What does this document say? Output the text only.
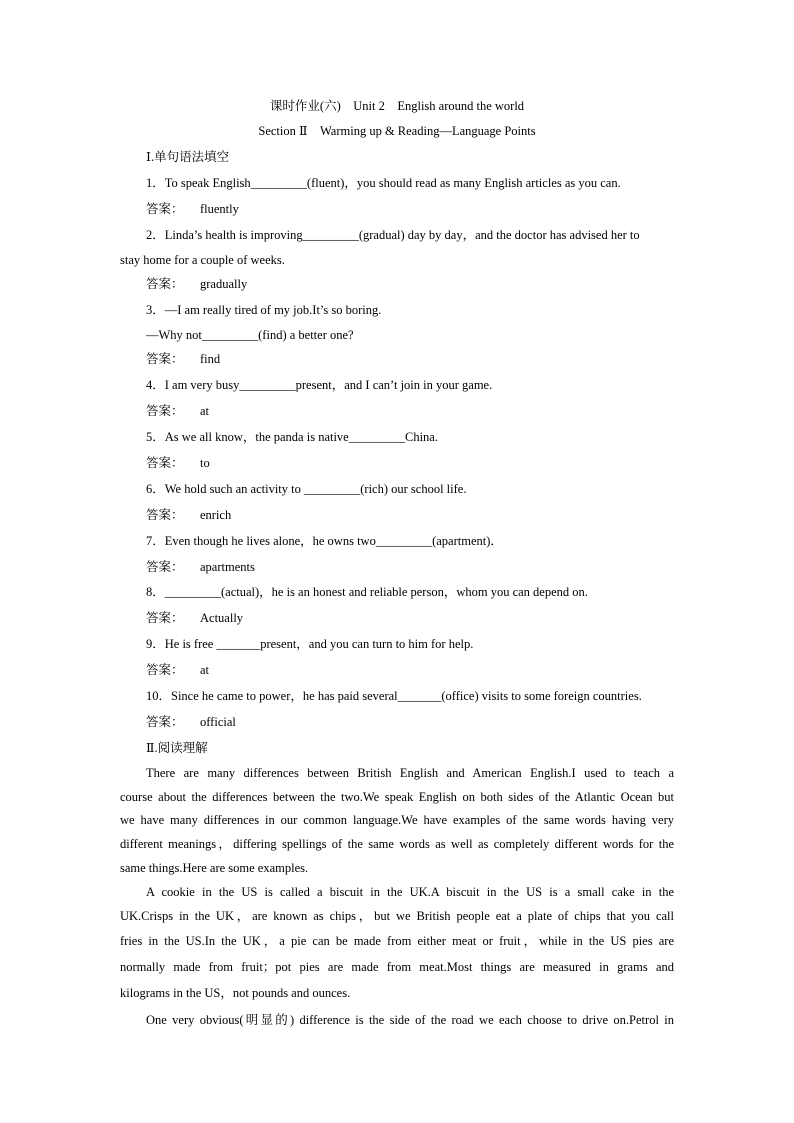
课时作业(六)　Unit 2　English around the world
Section Ⅱ　Warming up & Reading—Language Points
Ⅰ.单句语法填空
1．To speak English_________(fluent)，you should read as many English articles as you can.
答案： fluently
2．Linda’s health is improving_________(gradual) day by day，and the doctor has advised her to
stay home for a couple of weeks.
答案： gradually
3．—I am really tired of my job.It’s so boring.
—Why not_________(find) a better one?
答案： find
4．I am very busy_________present，and I can’t join in your game.
答案： at
5．As we all know，the panda is native_________China.
答案： to
6．We hold such an activity to _________(rich) our school life.
答案： enrich
7．Even though he lives alone，he owns two_________(apartment)．
答案： apartments
8．_________(actual)，he is an honest and reliable person，whom you can depend on.
答案： Actually
9．He is free _______present，and you can turn to him for help.
答案： at
10．Since he came to power，he has paid several_______(office) visits to some foreign countries.
答案： official
Ⅱ.阅读理解
There are many differences between British English and American English.I used to teach a
course about the differences between the two.We speak English on both sides of the Atlantic Ocean but
we have many differences in our common language.We have examples of the same words having very
different meanings，differing spellings of the same words as well as completely different words for the
same things.Here are some examples.
A cookie in the US is called a biscuit in the UK.A biscuit in the US is a small cake in the
UK.Crisps in the UK，are known as chips，but we British people eat a plate of chips that you call
fries in the US.In the UK，a pie can be made from either meat or fruit，while in the US pies are
normally made from fruit；pot pies are made from meat.Most things are measured in grams and
kilograms in the US，not pounds and ounces.
One very obvious(明显的) difference is the side of the road we each choose to drive on.Petrol in
